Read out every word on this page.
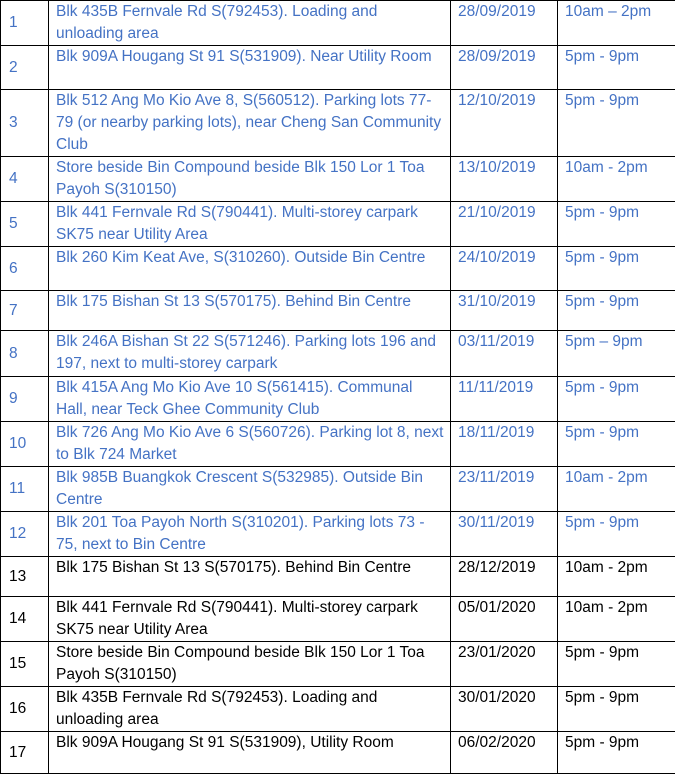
1	Blk 435B Fernvale Rd S(792453). Loading and unloading area	28/09/2019	10am – 2pm
2	Blk 909A Hougang St 91 S(531909). Near Utility Room	28/09/2019	5pm - 9pm
3	Blk 512 Ang Mo Kio Ave 8, S(560512). Parking lots 77-79 (or nearby parking lots), near Cheng San Community Club	12/10/2019	5pm - 9pm
4	Store beside Bin Compound beside Blk 150 Lor 1 Toa Payoh S(310150)	13/10/2019	10am - 2pm
5	Blk 441 Fernvale Rd S(790441). Multi-storey carpark SK75 near Utility Area	21/10/2019	5pm - 9pm
6	Blk 260 Kim Keat Ave, S(310260). Outside Bin Centre	24/10/2019	5pm - 9pm
7	Blk 175 Bishan St 13 S(570175). Behind Bin Centre	31/10/2019	5pm - 9pm
8	Blk 246A Bishan St 22 S(571246). Parking lots 196 and 197, next to multi-storey carpark	03/11/2019	5pm – 9pm
9	Blk 415A Ang Mo Kio Ave 10 S(561415). Communal Hall, near Teck Ghee Community Club	11/11/2019	5pm - 9pm
10	Blk 726 Ang Mo Kio Ave 6 S(560726). Parking lot 8, next to Blk 724 Market	18/11/2019	5pm - 9pm
11	Blk 985B Buangkok Crescent S(532985). Outside Bin Centre	23/11/2019	10am - 2pm
12	Blk 201 Toa Payoh North S(310201). Parking lots 73 - 75, next to Bin Centre	30/11/2019	5pm - 9pm
13	Blk 175 Bishan St 13 S(570175). Behind Bin Centre	28/12/2019	10am - 2pm
14	Blk 441 Fernvale Rd S(790441). Multi-storey carpark SK75 near Utility Area	05/01/2020	10am - 2pm
15	Store beside Bin Compound beside Blk 150 Lor 1 Toa Payoh S(310150)	23/01/2020	5pm - 9pm
16	Blk 435B Fernvale Rd S(792453). Loading and unloading area	30/01/2020	5pm - 9pm
17	Blk 909A Hougang St 91 S(531909), Utility Room	06/02/2020	5pm - 9pm
